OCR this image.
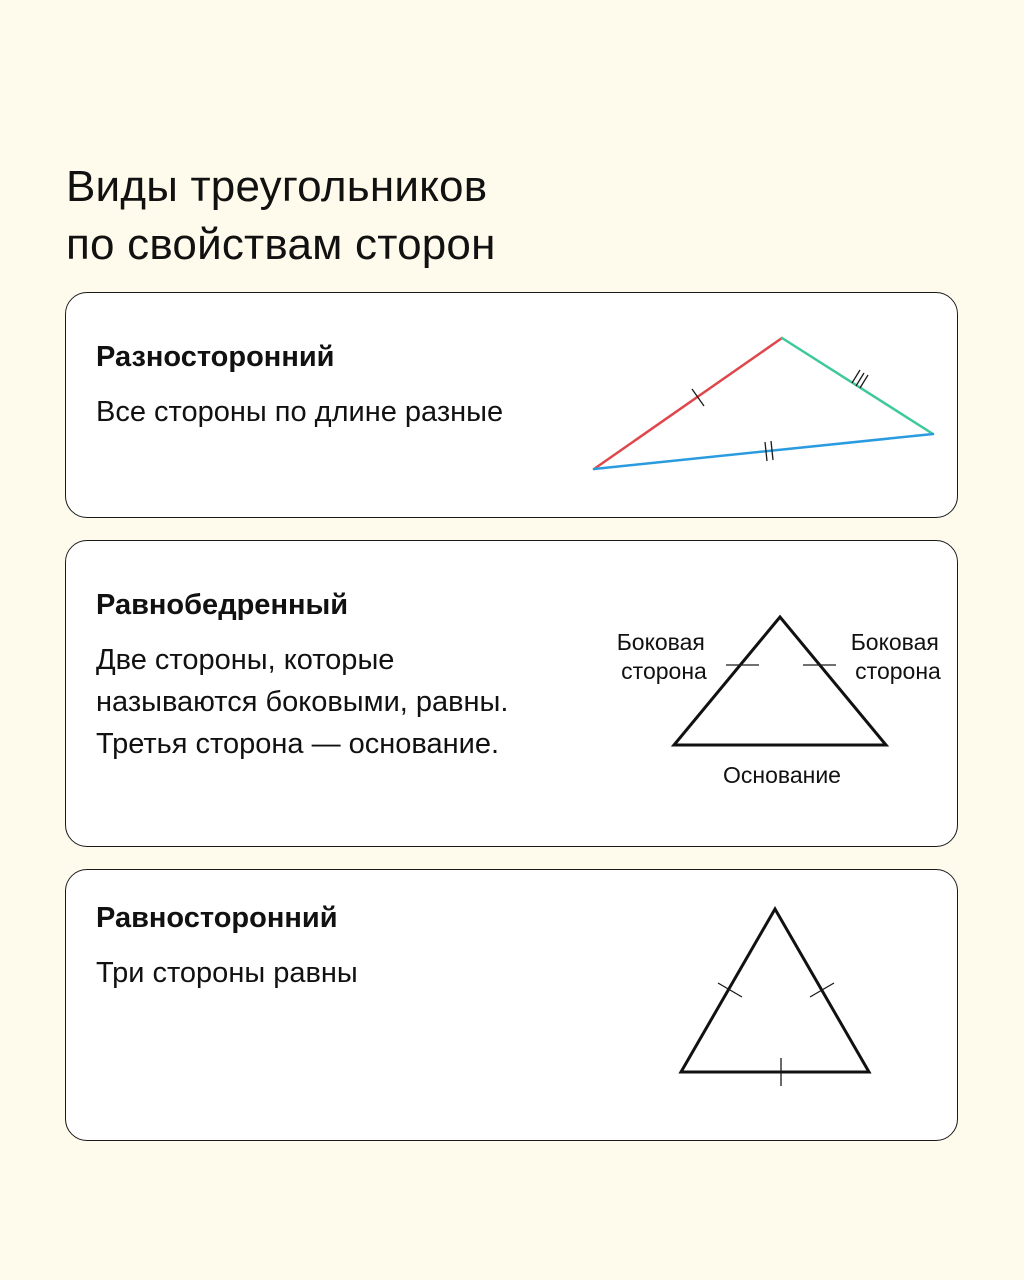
Виды треугольников
по свойствам сторон
Разносторонний

Все стороны по длине разные

Равнобедренный

Две стороны, которые
называются боковыми, равны.
Третья сторона — основание.

Боковая сторона
Боковая сторона
Основание
Равносторонний

Три стороны равны
